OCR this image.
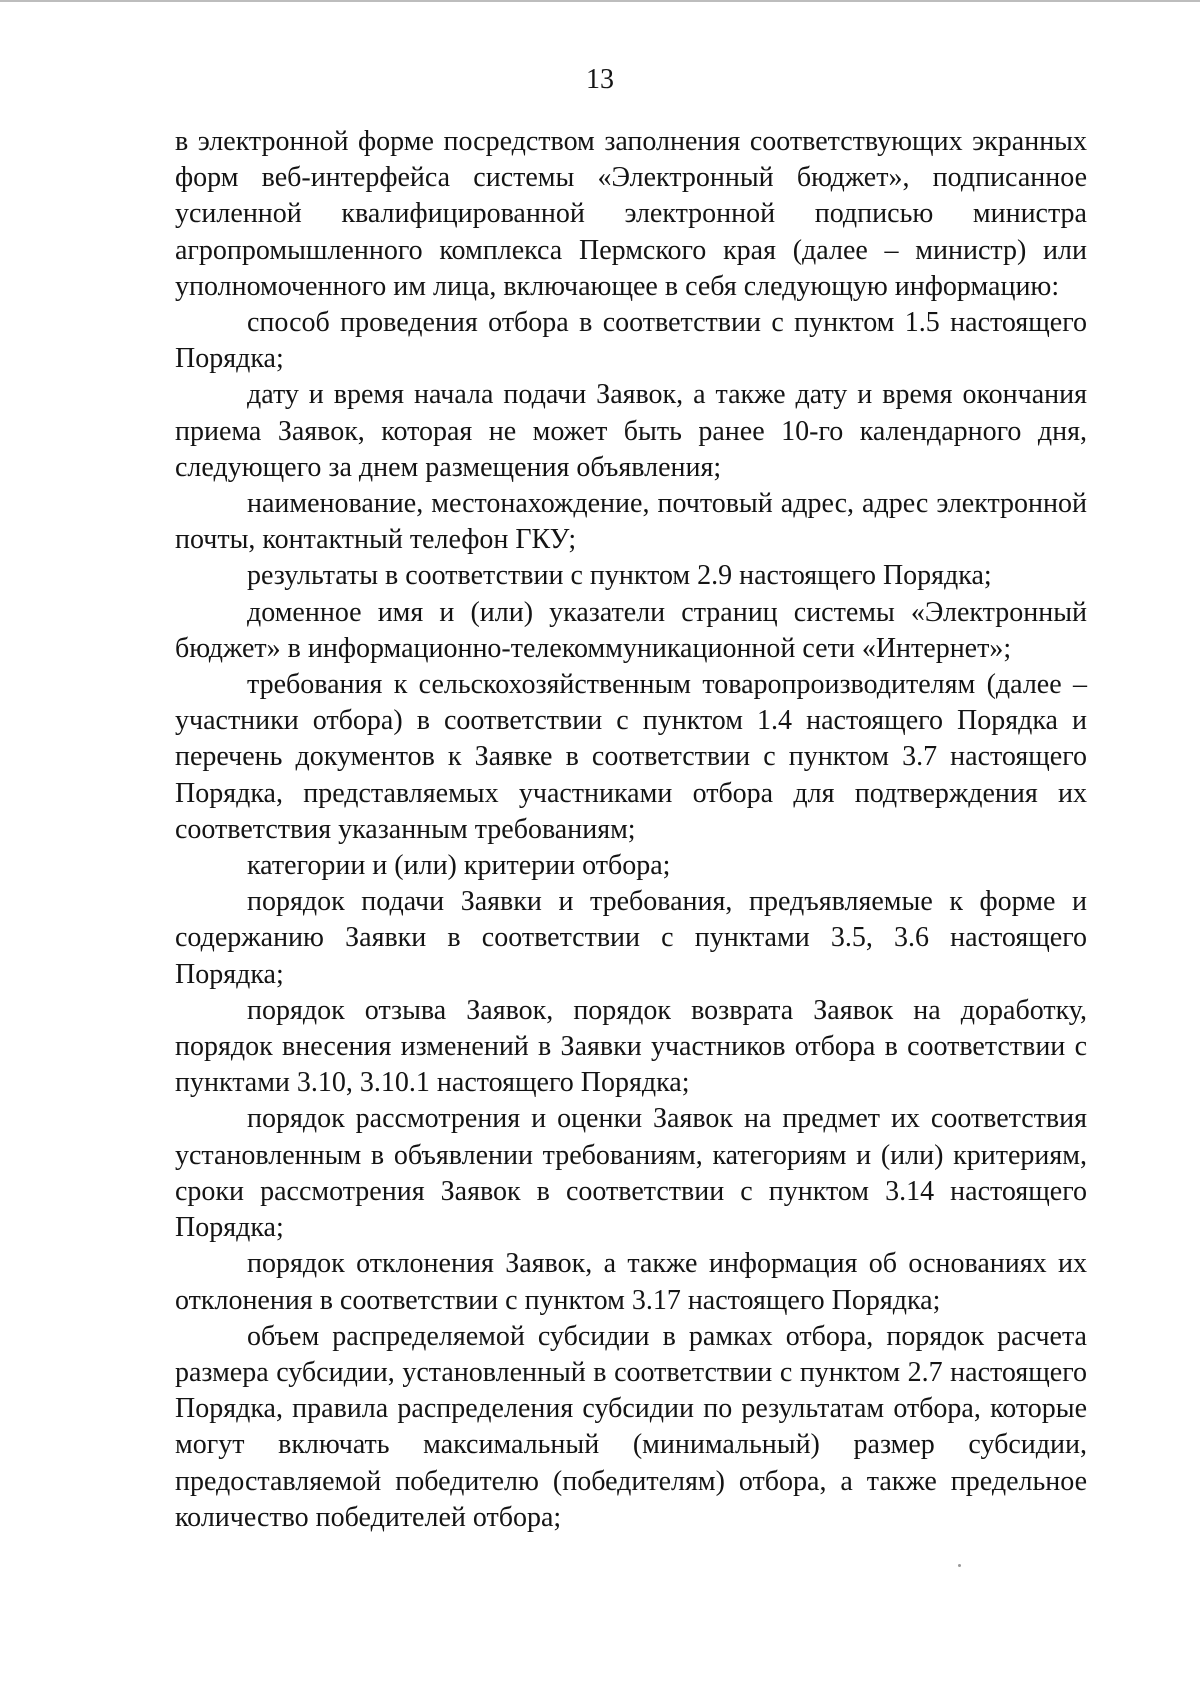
13

в электронной форме посредством заполнения соответствующих экранных форм веб-интерфейса системы «Электронный бюджет», подписанное усиленной квалифицированной электронной подписью министра агропромышленного комплекса Пермского края (далее – министр) или уполномоченного им лица, включающее в себя следующую информацию:

способ проведения отбора в соответствии с пунктом 1.5 настоящего Порядка;

дату и время начала подачи Заявок, а также дату и время окончания приема Заявок, которая не может быть ранее 10-го календарного дня, следующего за днем размещения объявления;

наименование, местонахождение, почтовый адрес, адрес электронной почты, контактный телефон ГКУ;

результаты в соответствии с пунктом 2.9 настоящего Порядка;

доменное имя и (или) указатели страниц системы «Электронный бюджет» в информационно-телекоммуникационной сети «Интернет»;

требования к сельскохозяйственным товаропроизводителям (далее – участники отбора) в соответствии с пунктом 1.4 настоящего Порядка и перечень документов к Заявке в соответствии с пунктом 3.7 настоящего Порядка, представляемых участниками отбора для подтверждения их соответствия указанным требованиям;

категории и (или) критерии отбора;

порядок подачи Заявки и требования, предъявляемые к форме и содержанию Заявки в соответствии с пунктами 3.5, 3.6 настоящего Порядка;

порядок отзыва Заявок, порядок возврата Заявок на доработку, порядок внесения изменений в Заявки участников отбора в соответствии с пунктами 3.10, 3.10.1 настоящего Порядка;

порядок рассмотрения и оценки Заявок на предмет их соответствия установленным в объявлении требованиям, категориям и (или) критериям, сроки рассмотрения Заявок в соответствии с пунктом 3.14 настоящего Порядка;

порядок отклонения Заявок, а также информация об основаниях их отклонения в соответствии с пунктом 3.17 настоящего Порядка;

объем распределяемой субсидии в рамках отбора, порядок расчета размера субсидии, установленный в соответствии с пунктом 2.7 настоящего Порядка, правила распределения субсидии по результатам отбора, которые могут включать максимальный (минимальный) размер субсидии, предоставляемой победителю (победителям) отбора, а также предельное количество победителей отбора;
